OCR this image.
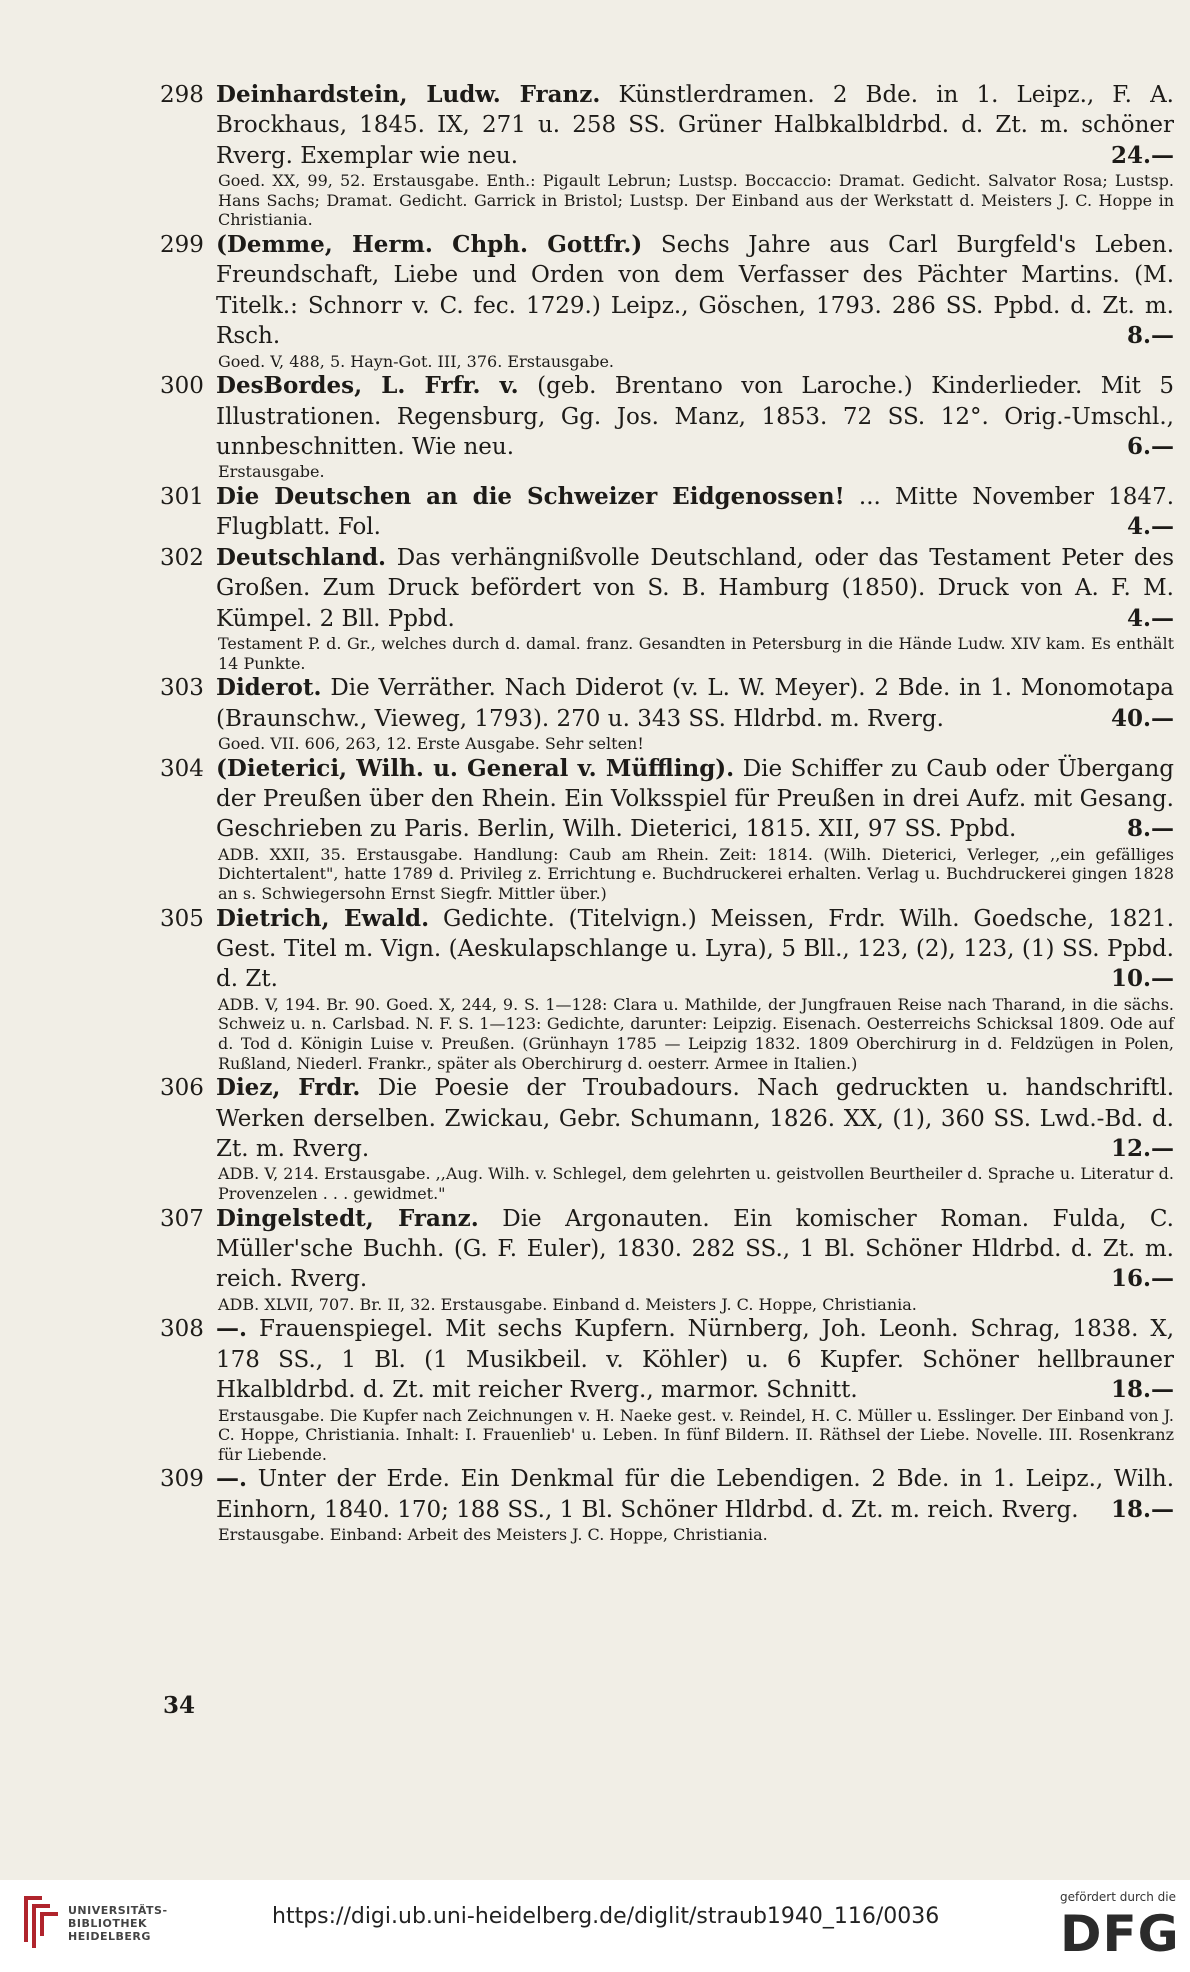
298 Deinhardstein, Ludw. Franz. Künstlerdramen. 2 Bde. in 1. Leipz., F. A. Brockhaus, 1845. IX, 271 u. 258 SS. Grüner Halbkalbldrbd. d. Zt. m. schöner Rverg. Exemplar wie neu.	24.—
Goed. XX, 99, 52. Erstausgabe. Enth.: Pigault Lebrun; Lustsp. Boccaccio: Dramat. Gedicht. Salvator Rosa; Lustsp. Hans Sachs; Dramat. Gedicht. Garrick in Bristol; Lustsp. Der Einband aus der Werkstatt d. Meisters J. C. Hoppe in Christiania.
299 (Demme, Herm. Chph. Gottfr.) Sechs Jahre aus Carl Burgfeld's Leben. Freundschaft, Liebe und Orden von dem Verfasser des Pächter Martins. (M. Titelk.: Schnorr v. C. fec. 1729.) Leipz., Göschen, 1793. 286 SS. Ppbd. d. Zt. m. Rsch.	8.—
Goed. V, 488, 5. Hayn-Got. III, 376. Erstausgabe.
300 DesBordes, L. Frfr. v. (geb. Brentano von Laroche.) Kinderlieder. Mit 5 Illustrationen. Regensburg, Gg. Jos. Manz, 1853. 72 SS. 12°. Orig.-Umschl., unnbeschnitten. Wie neu.	6.—
Erstausgabe.
301 Die Deutschen an die Schweizer Eidgenossen! ... Mitte November 1847. Flugblatt. Fol.	4.—
302 Deutschland. Das verhängnißvolle Deutschland, oder das Testament Peter des Großen. Zum Druck befördert von S. B. Hamburg (1850). Druck von A. F. M. Kümpel. 2 Bll. Ppbd.	4.—
Testament P. d. Gr., welches durch d. damal. franz. Gesandten in Petersburg in die Hände Ludw. XIV kam. Es enthält 14 Punkte.
303 Diderot. Die Verräther. Nach Diderot (v. L. W. Meyer). 2 Bde. in 1. Monomotapa (Braunschw., Vieweg, 1793). 270 u. 343 SS. Hldrbd. m. Rverg.	40.—
Goed. VII. 606, 263, 12. Erste Ausgabe. Sehr selten!
304 (Dieterici, Wilh. u. General v. Müffling). Die Schiffer zu Caub oder Übergang der Preußen über den Rhein. Ein Volksspiel für Preußen in drei Aufz. mit Gesang. Geschrieben zu Paris. Berlin, Wilh. Dieterici, 1815. XII, 97 SS. Ppbd.	8.—
ADB. XXII, 35. Erstausgabe. Handlung: Caub am Rhein. Zeit: 1814. (Wilh. Dieterici, Verleger, ,,ein gefälliges Dichtertalent", hatte 1789 d. Privileg z. Errichtung e. Buchdruckerei erhalten. Verlag u. Buchdruckerei gingen 1828 an s. Schwiegersohn Ernst Siegfr. Mittler über.)
305 Dietrich, Ewald. Gedichte. (Titelvign.) Meissen, Frdr. Wilh. Goedsche, 1821. Gest. Titel m. Vign. (Aeskulapschlange u. Lyra), 5 Bll., 123, (2), 123, (1) SS. Ppbd. d. Zt.	10.—
ADB. V, 194. Br. 90. Goed. X, 244, 9. S. 1—128: Clara u. Mathilde, der Jungfrauen Reise nach Tharand, in die sächs. Schweiz u. n. Carlsbad. N. F. S. 1—123: Gedichte, darunter: Leipzig. Eisenach. Oesterreichs Schicksal 1809. Ode auf d. Tod d. Königin Luise v. Preußen. (Grünhayn 1785 — Leipzig 1832. 1809 Oberchirurg in d. Feldzügen in Polen, Rußland, Niederl. Frankr., später als Oberchirurg d. oesterr. Armee in Italien.)
306 Diez, Frdr. Die Poesie der Troubadours. Nach gedruckten u. handschriftl. Werken derselben. Zwickau, Gebr. Schumann, 1826. XX, (1), 360 SS. Lwd.-Bd. d. Zt. m. Rverg.	12.—
ADB. V, 214. Erstausgabe. ,,Aug. Wilh. v. Schlegel, dem gelehrten u. geistvollen Beurtheiler d. Sprache u. Literatur d. Provenzelen . . . gewidmet."
307 Dingelstedt, Franz. Die Argonauten. Ein komischer Roman. Fulda, C. Müller'sche Buchh. (G. F. Euler), 1830. 282 SS., 1 Bl. Schöner Hldrbd. d. Zt. m. reich. Rverg.	16.—
ADB. XLVII, 707. Br. II, 32. Erstausgabe. Einband d. Meisters J. C. Hoppe, Christiania.
308 —. Frauenspiegel. Mit sechs Kupfern. Nürnberg, Joh. Leonh. Schrag, 1838. X, 178 SS., 1 Bl. (1 Musikbeil. v. Köhler) u. 6 Kupfer. Schöner hellbrauner Hkalbldrbd. d. Zt. mit reicher Rverg., marmor. Schnitt.	18.—
Erstausgabe. Die Kupfer nach Zeichnungen v. H. Naeke gest. v. Reindel, H. C. Müller u. Esslinger. Der Einband von J. C. Hoppe, Christiania. Inhalt: I. Frauenlieb' u. Leben. In fünf Bildern. II. Räthsel der Liebe. Novelle. III. Rosenkranz für Liebende.
309 —. Unter der Erde. Ein Denkmal für die Lebendigen. 2 Bde. in 1. Leipz., Wilh. Einhorn, 1840. 170; 188 SS., 1 Bl. Schöner Hldrbd. d. Zt. m. reich. Rverg. 18.—
Erstausgabe. Einband: Arbeit des Meisters J. C. Hoppe, Christiania.
34
UNIVERSITÄTS-
BIBLIOTHEK
HEIDELBERG
https://digi.ub.uni-heidelberg.de/diglit/straub1940_116/0036
gefördert durch die
DFG
